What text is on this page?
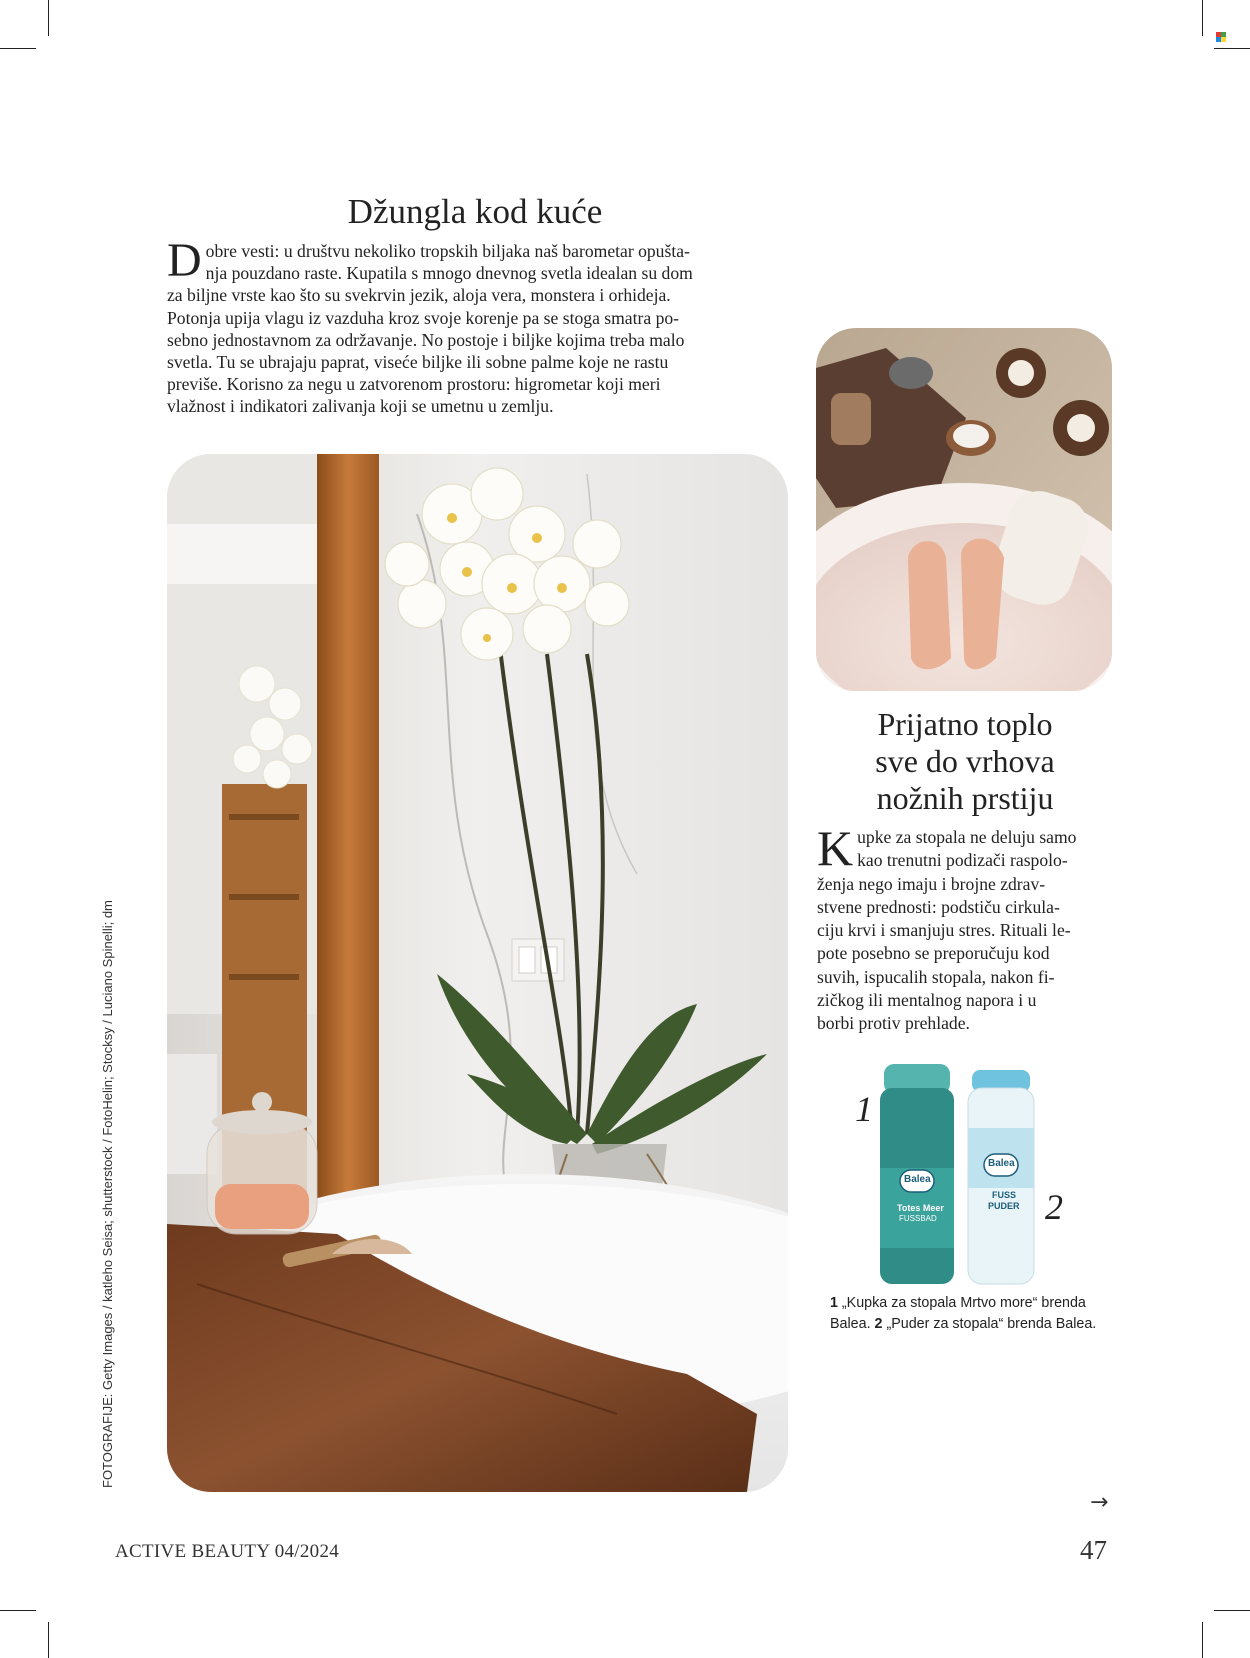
Džungla kod kuće
D obre vesti: u društvu nekoliko tropskih biljaka naš barometar opušta-
nja pouzdano raste. Kupatila s mnogo dnevnog svetla idealan su dom
za biljne vrste kao što su svekrvin jezik, aloja vera, monstera i orhideja.
Potonja upija vlagu iz vazduha kroz svoje korenje pa se stoga smatra po-
sebno jednostavnom za održavanje. No postoje i biljke kojima treba malo
svetla. Tu se ubrajaju paprat, viseće biljke ili sobne palme koje ne rastu
previše. Korisno za negu u zatvorenom prostoru: higrometar koji meri
vlažnost i indikatori zalivanja koji se umetnu u zemlju.
Prijatno toplo
sve do vrhova
nožnih prstiju
K upke za stopala ne deluju samo
kao trenutni podizači raspolo-
ženja nego imaju i brojne zdrav-
stvene prednosti: podstiču cirkula-
ciju krvi i smanjuju stres. Rituali le-
pote posebno se preporučuju kod
suvih, ispucalih stopala, nakon fi-
zičkog ili mentalnog napora i u
borbi protiv prehlade.
1
2
Balea
Totes Meer
FUSSBAD
Balea
FUSS
PUDER
1 „Kupka za stopala Mrtvo more“ brenda
Balea. 2 „Puder za stopala“ brenda Balea.
FOTOGRAFIJE: Getty Images / katleho Seisa; shutterstock / FotoHelin; Stocksy / Luciano Spinelli; dm
→
ACTIVE BEAUTY 04/2024	47
